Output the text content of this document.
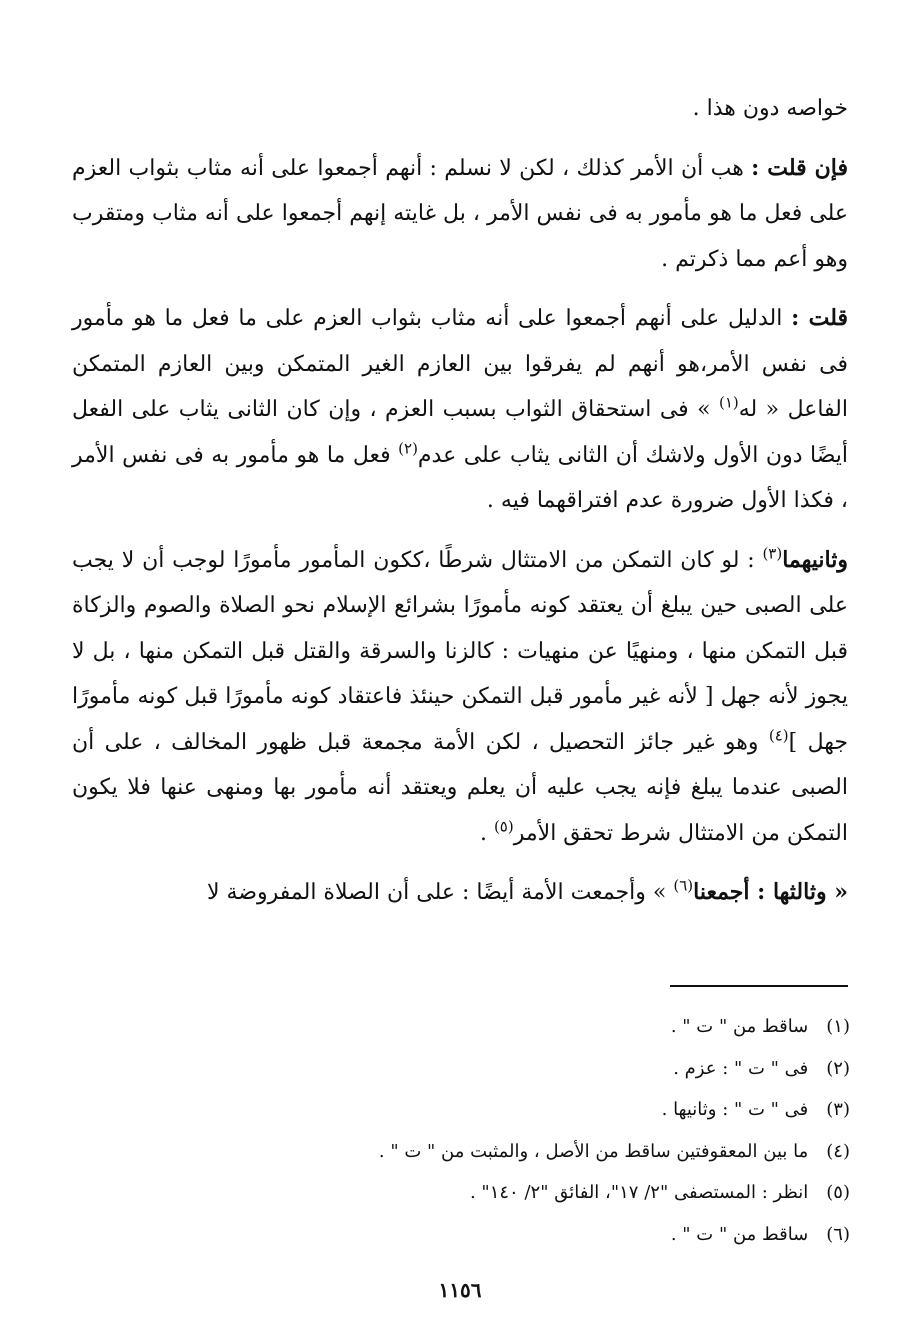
خواصه دون هذا .

فإن قلت : هب أن الأمر كذلك ، لكن لا نسلم : أنهم أجمعوا على أنه مثاب بثواب العزم على فعل ما هو مأمور به فى نفس الأمر ، بل غايته إنهم أجمعوا على أنه مثاب ومتقرب وهو أعم مما ذكرتم .

قلت : الدليل على أنهم أجمعوا على أنه مثاب بثواب العزم على ما فعل ما هو مأمور فى نفس الأمر،هو أنهم لم يفرقوا بين العازم الغير المتمكن وبين العازم المتمكن الفاعل « له$^{(١)}$ » فى استحقاق الثواب بسبب العزم ، وإن كان الثانى يثاب على الفعل أيضًا دون الأول ولاشك أن الثانى يثاب على عدم$^{(٢)}$ فعل ما هو مأمور به فى نفس الأمر ، فكذا الأول ضرورة عدم افتراقهما فيه .

وثانيهما$^{(٣)}$ : لو كان التمكن من الامتثال شرطًا ،ككون المأمور مأمورًا لوجب أن لا يجب على الصبى حين يبلغ أن يعتقد كونه مأمورًا بشرائع الإسلام نحو الصلاة والصوم والزكاة قبل التمكن منها ، ومنهيًا عن منهيات : كالزنا والسرقة والقتل قبل التمكن منها ، بل لا يجوز لأنه جهل [ لأنه غير مأمور قبل التمكن حينئذ فاعتقاد كونه مأمورًا قبل كونه مأمورًا جهل ]$^{(٤)}$ وهو غير جائز التحصيل ، لكن الأمة مجمعة قبل ظهور المخالف ، على أن الصبى عندما يبلغ فإنه يجب عليه أن يعلم ويعتقد أنه مأمور بها ومنهى عنها فلا يكون التمكن من الامتثال شرط تحقق الأمر$^{(٥)}$ .

« وثالثها : أجمعنا$^{(٦)}$ » وأجمعت الأمة أيضًا : على أن الصلاة المفروضة لا

(١) ساقط من " ت " .
(٢) فى " ت " : عزم .
(٣) فى " ت " : وثانيها .
(٤) ما بين المعقوفتين ساقط من الأصل ، والمثبت من " ت " .
(٥) انظر : المستصفى "٢/ ١٧"، الفائق "٢/ ١٤٠" .
(٦) ساقط من " ت " .
١١٥٦
